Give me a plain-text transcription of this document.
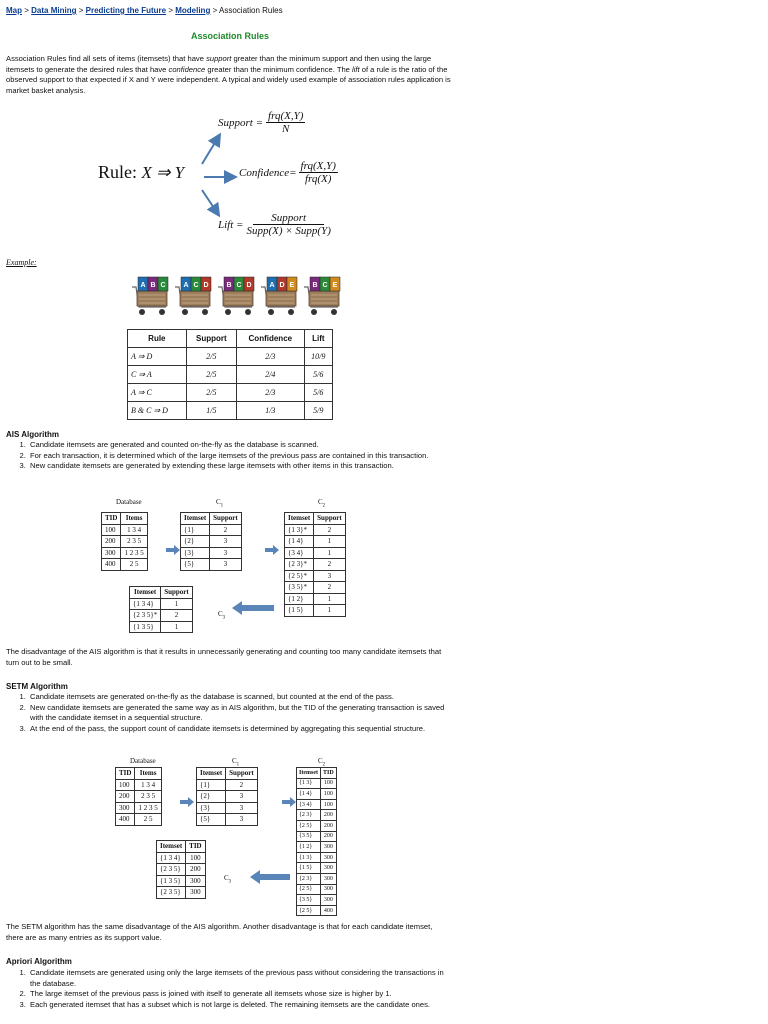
Map > Data Mining > Predicting the Future > Modeling > Association Rules
Association Rules
Association Rules find all sets of items (itemsets) that have support greater than the minimum support and then using the large itemsets to generate the desired rules that have confidence greater than the minimum confidence. The lift of a rule is the ratio of the observed support to that expected if X and Y were independent. A typical and widely used example of association rules application is market basket analysis.
Rule: X ⇒ Y
Support =
frq(X,Y)
N
Confidence=
frq(X,Y)
frq(X)
Lift =
Support
Supp(X) × Supp(Y)
Example:
A B C	A C D	B C D	A D E	B C E
Rule	Support	Confidence	Lift
A ⇒ D	2/5	2/3	10/9
C ⇒ A	2/5	2/4	5/6
A ⇒ C	2/5	2/3	5/6
B & C ⇒ D	1/5	1/3	5/9
AIS Algorithm
1. Candidate itemsets are generated and counted on-the-fly as the database is scanned.
2. For each transaction, it is determined which of the large itemsets of the previous pass are contained in this transaction.
3. New candidate itemsets are generated by extending these large itemsets with other items in this transaction.
Database	$C_1$	$C_2$
TID	Items
100	1 3 4
200	2 3 5
300	1 2 3 5
400	2 5
Itemset	Support
{1}	2
{2}	3
{3}	3
{5}	3
Itemset	Support
{1 3}*	2
{1 4}	1
{3 4}	1
{2 3}*	2
{2 5}*	3
{3 5}*	2
{1 2}	1
{1 5}	1
Itemset	Support
{1 3 4}	1
{2 3 5}*	2
{1 3 5}	1
$C_3$
The disadvantage of the AIS algorithm is that it results in unnecessarily generating and counting too many candidate itemsets that turn out to be small.
SETM Algorithm
1. Candidate itemsets are generated on-the-fly as the database is scanned, but counted at the end of the pass.
2. New candidate itemsets are generated the same way as in AIS algorithm, but the TID of the generating transaction is saved with the candidate itemset in a sequential structure.
3. At the end of the pass, the support count of candidate itemsets is determined by aggregating this sequential structure.
Database	$C_1$	$C_2$
TID	Items
100	1 3 4
200	2 3 5
300	1 2 3 5
400	2 5
Itemset	Support
{1}	2
{2}	3
{3}	3
{5}	3
Itemset	TID
{1 3}	100
{1 4}	100
{3 4}	100
{2 3}	200
{2 5}	200
{3 5}	200
{1 2}	300
{1 3}	300
{1 5}	300
{2 3}	300
{2 5}	300
{3 5}	300
{2 5}	400
Itemset	TID
{1 3 4}	100
{2 3 5}	200
{1 3 5}	300
{2 3 5}	300
$C_3$
The SETM algorithm has the same disadvantage of the AIS algorithm. Another disadvantage is that for each candidate itemset, there are as many entries as its support value.
Apriori Algorithm
1. Candidate itemsets are generated using only the large itemsets of the previous pass without considering the transactions in the database.
2. The large itemset of the previous pass is joined with itself to generate all itemsets whose size is higher by 1.
3. Each generated itemset that has a subset which is not large is deleted. The remaining itemsets are the candidate ones.
